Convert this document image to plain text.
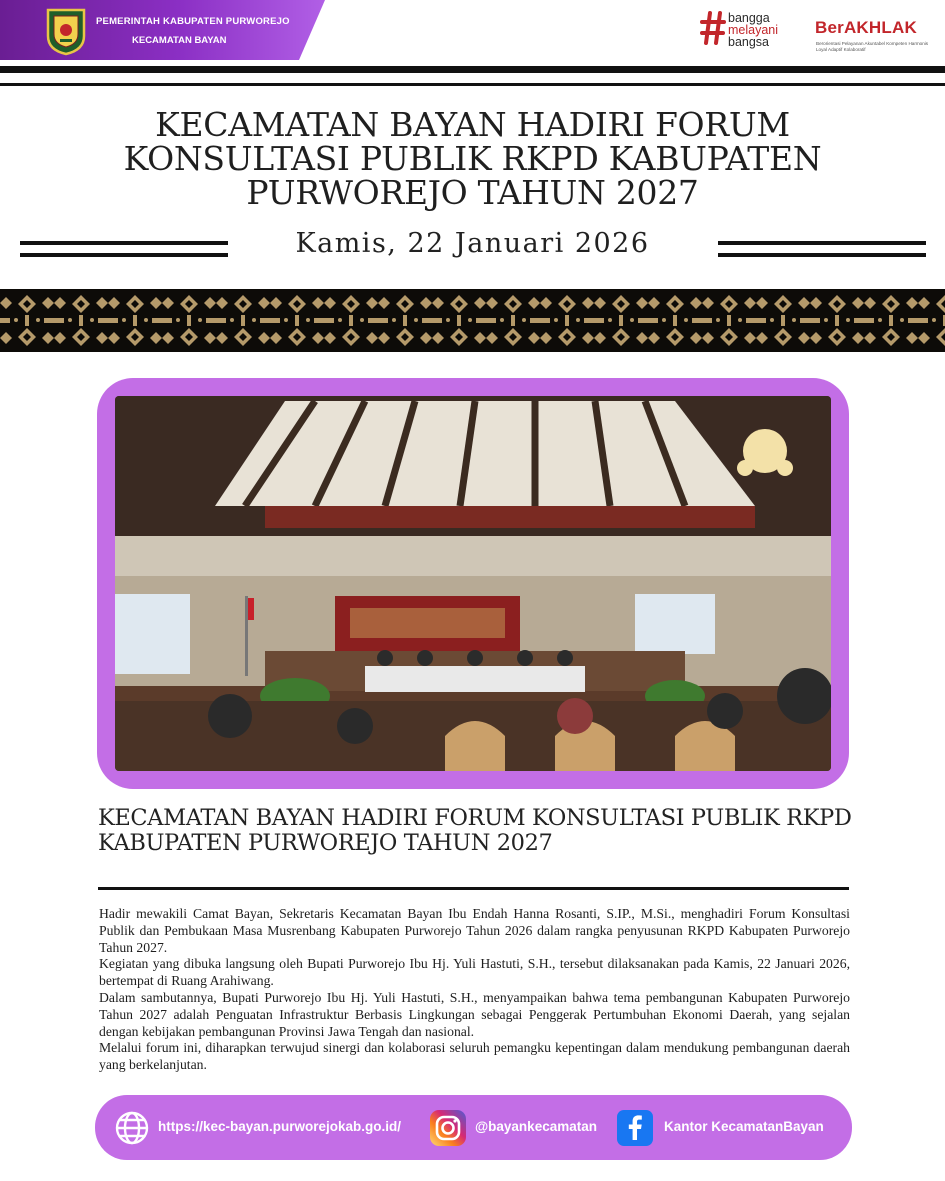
PEMERINTAH KABUPATEN PURWOREJO
KECAMATAN BAYAN
bangga
melayani
bangsa
BerAKHLAK
Berorientasi Pelayanan Akuntabel Kompeten Harmonis Loyal Adaptif Kolaboratif
KECAMATAN BAYAN HADIRI FORUM KONSULTASI PUBLIK RKPD KABUPATEN PURWOREJO TAHUN 2027
Kamis, 22 Januari 2026
KECAMATAN BAYAN HADIRI FORUM KONSULTASI PUBLIK RKPD KABUPATEN PURWOREJO TAHUN 2027

Hadir mewakili Camat Bayan, Sekretaris Kecamatan Bayan Ibu Endah Hanna Rosanti, S.IP., M.Si., menghadiri Forum Konsultasi Publik dan Pembukaan Masa Musrenbang Kabupaten Purworejo Tahun 2026 dalam rangka penyusunan RKPD Kabupaten Purworejo Tahun 2027.

Kegiatan yang dibuka langsung oleh Bupati Purworejo Ibu Hj. Yuli Hastuti, S.H., tersebut dilaksanakan pada Kamis, 22 Januari 2026, bertempat di Ruang Arahiwang.

Dalam sambutannya, Bupati Purworejo Ibu Hj. Yuli Hastuti, S.H., menyampaikan bahwa tema pembangunan Kabupaten Purworejo Tahun 2027 adalah Penguatan Infrastruktur Berbasis Lingkungan sebagai Penggerak Pertumbuhan Ekonomi Daerah, yang sejalan dengan kebijakan pembangunan Provinsi Jawa Tengah dan nasional.

Melalui forum ini, diharapkan terwujud sinergi dan kolaborasi seluruh pemangku kepentingan dalam mendukung pembangunan daerah yang berkelanjutan.

https://kec-bayan.purworejokab.go.id/	@bayankecamatan	Kantor KecamatanBayan
